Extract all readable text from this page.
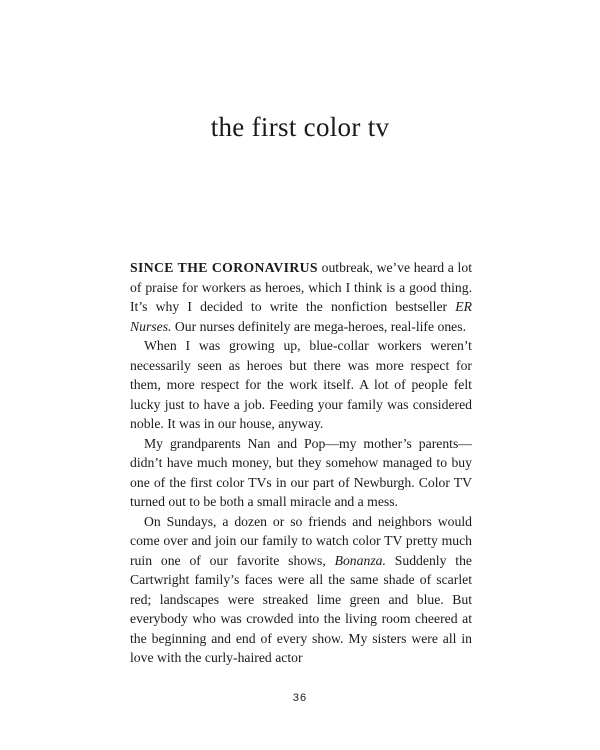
the first color tv

SINCE THE CORONAVIRUS outbreak, we’ve heard a lot of praise for workers as heroes, which I think is a good thing. It’s why I decided to write the nonfiction bestseller ER Nurses. Our nurses definitely are mega-heroes, real-life ones.

When I was growing up, blue-collar workers weren’t necessarily seen as heroes but there was more respect for them, more respect for the work itself. A lot of people felt lucky just to have a job. Feeding your family was considered noble. It was in our house, anyway.

My grandparents Nan and Pop—my mother’s parents—didn’t have much money, but they somehow managed to buy one of the first color TVs in our part of Newburgh. Color TV turned out to be both a small miracle and a mess.

On Sundays, a dozen or so friends and neighbors would come over and join our family to watch color TV pretty much ruin one of our favorite shows, Bonanza. Suddenly the Cartwright family’s faces were all the same shade of scarlet red; landscapes were streaked lime green and blue. But everybody who was crowded into the living room cheered at the beginning and end of every show. My sisters were all in love with the curly-haired actor

36
